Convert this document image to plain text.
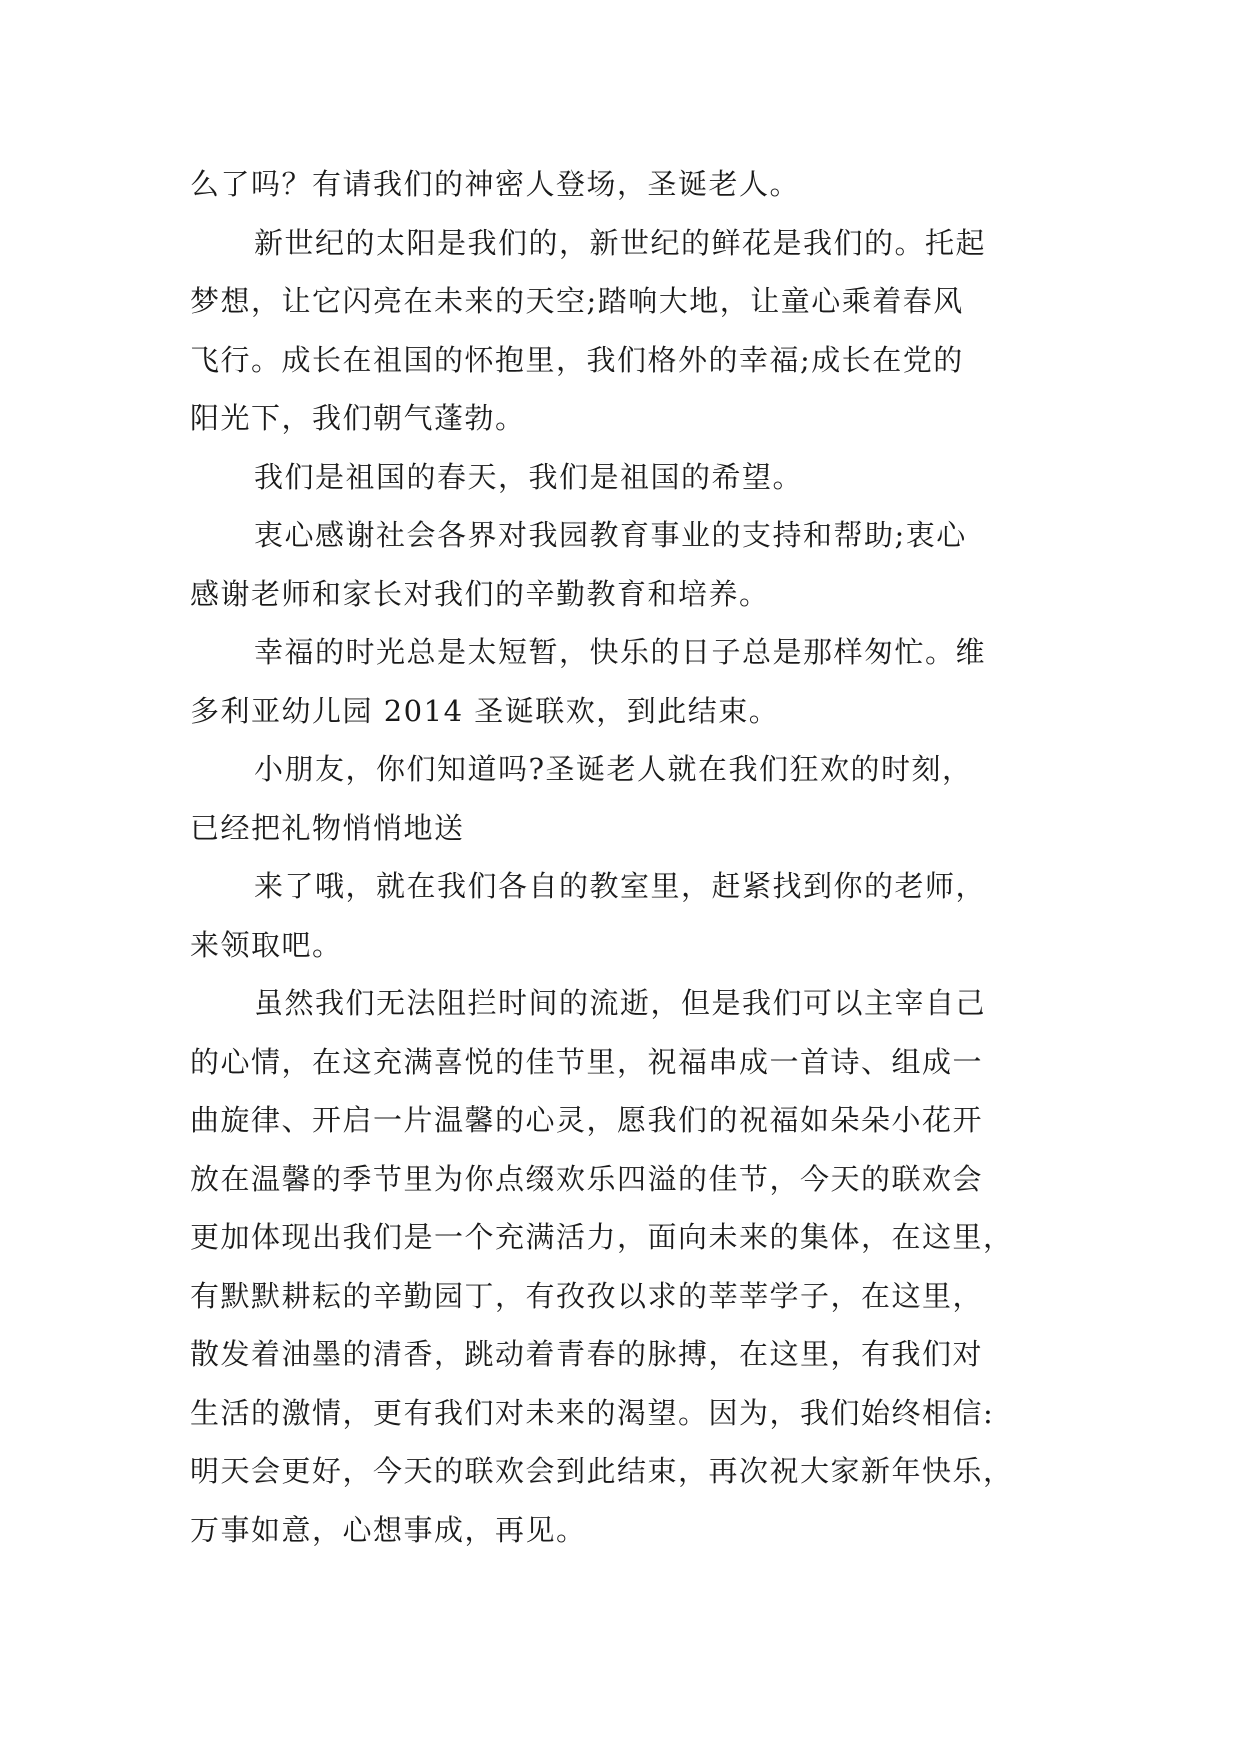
么了吗？有请我们的神密人登场，圣诞老人。
新世纪的太阳是我们的，新世纪的鲜花是我们的。托起
梦想，让它闪亮在未来的天空;踏响大地，让童心乘着春风
飞行。成长在祖国的怀抱里，我们格外的幸福;成长在党的
阳光下，我们朝气蓬勃。
我们是祖国的春天，我们是祖国的希望。
衷心感谢社会各界对我园教育事业的支持和帮助;衷心
感谢老师和家长对我们的辛勤教育和培养。
幸福的时光总是太短暂，快乐的日子总是那样匆忙。维
多利亚幼儿园 2014 圣诞联欢，到此结束。
小朋友，你们知道吗?圣诞老人就在我们狂欢的时刻，
已经把礼物悄悄地送
来了哦，就在我们各自的教室里，赶紧找到你的老师，
来领取吧。
虽然我们无法阻拦时间的流逝，但是我们可以主宰自己
的心情，在这充满喜悦的佳节里，祝福串成一首诗、组成一
曲旋律、开启一片温馨的心灵，愿我们的祝福如朵朵小花开
放在温馨的季节里为你点缀欢乐四溢的佳节，今天的联欢会
更加体现出我们是一个充满活力，面向未来的集体，在这里，
有默默耕耘的辛勤园丁，有孜孜以求的莘莘学子，在这里，
散发着油墨的清香，跳动着青春的脉搏，在这里，有我们对
生活的激情，更有我们对未来的渴望。因为，我们始终相信:
明天会更好，今天的联欢会到此结束，再次祝大家新年快乐，
万事如意，心想事成，再见。
